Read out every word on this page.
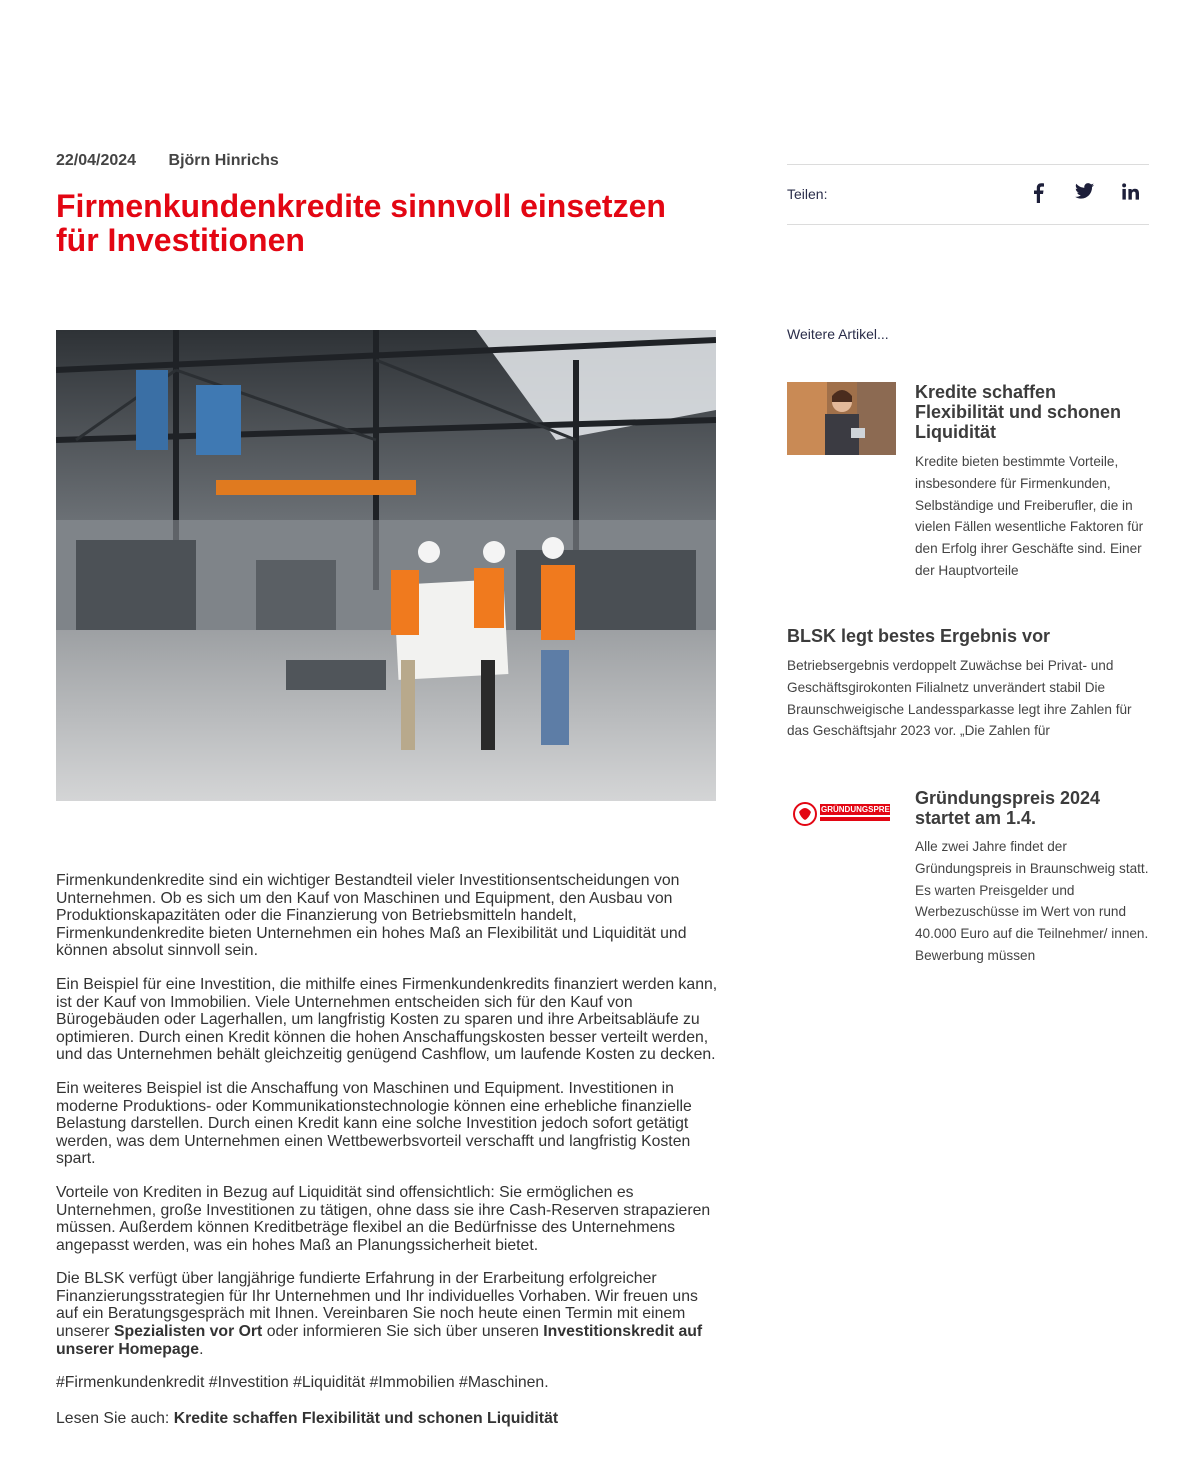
22/04/2024 Björn Hinrichs
Firmenkundenkredite sinnvoll einsetzen für Investitionen
Teilen:

Firmenkundenkredite sind ein wichtiger Bestandteil vieler Investitionsentscheidungen von Unternehmen. Ob es sich um den Kauf von Maschinen und Equipment, den Ausbau von Produktionskapazitäten oder die Finanzierung von Betriebsmitteln handelt, Firmenkundenkredite bieten Unternehmen ein hohes Maß an Flexibilität und Liquidität und können absolut sinnvoll sein.

Ein Beispiel für eine Investition, die mithilfe eines Firmenkundenkredits finanziert werden kann, ist der Kauf von Immobilien. Viele Unternehmen entscheiden sich für den Kauf von Bürogebäuden oder Lagerhallen, um langfristig Kosten zu sparen und ihre Arbeitsabläufe zu optimieren. Durch einen Kredit können die hohen Anschaffungskosten besser verteilt werden, und das Unternehmen behält gleichzeitig genügend Cashflow, um laufende Kosten zu decken.

Ein weiteres Beispiel ist die Anschaffung von Maschinen und Equipment. Investitionen in moderne Produktions- oder Kommunikationstechnologie können eine erhebliche finanzielle Belastung darstellen. Durch einen Kredit kann eine solche Investition jedoch sofort getätigt werden, was dem Unternehmen einen Wettbewerbsvorteil verschafft und langfristig Kosten spart.

Vorteile von Krediten in Bezug auf Liquidität sind offensichtlich: Sie ermöglichen es Unternehmen, große Investitionen zu tätigen, ohne dass sie ihre Cash-Reserven strapazieren müssen. Außerdem können Kreditbeträge flexibel an die Bedürfnisse des Unternehmens angepasst werden, was ein hohes Maß an Planungssicherheit bietet.

Die BLSK verfügt über langjährige fundierte Erfahrung in der Erarbeitung erfolgreicher Finanzierungsstrategien für Ihr Unternehmen und Ihr individuelles Vorhaben. Wir freuen uns auf ein Beratungsgespräch mit Ihnen. Vereinbaren Sie noch heute einen Termin mit einem unserer Spezialisten vor Ort oder informieren Sie sich über unseren Investitionskredit auf unserer Homepage.

#Firmenkundenkredit #Investition #Liquidität #Immobilien #Maschinen.

Lesen Sie auch: Kredite schaffen Flexibilität und schonen Liquidität

Weitere Artikel...
Kredite schaffen Flexibilität und schonen Liquidität
Kredite bieten bestimmte Vorteile, insbesondere für Firmenkunden, Selbständige und Freiberufler, die in vielen Fällen wesentliche Faktoren für den Erfolg ihrer Geschäfte sind. Einer der Hauptvorteile
BLSK legt bestes Ergebnis vor
Betriebsergebnis verdoppelt Zuwächse bei Privat- und Geschäftsgirokonten Filialnetz unverändert stabil Die Braunschweigische Landessparkasse legt ihre Zahlen für das Geschäftsjahr 2023 vor. „Die Zahlen für
GRÜNDUNGSPREIS
Gründungspreis 2024 startet am 1.4.
Alle zwei Jahre findet der Gründungspreis in Braunschweig statt. Es warten Preisgelder und Werbezuschüsse im Wert von rund 40.000 Euro auf die Teilnehmer/ innen. Bewerbung müssen
